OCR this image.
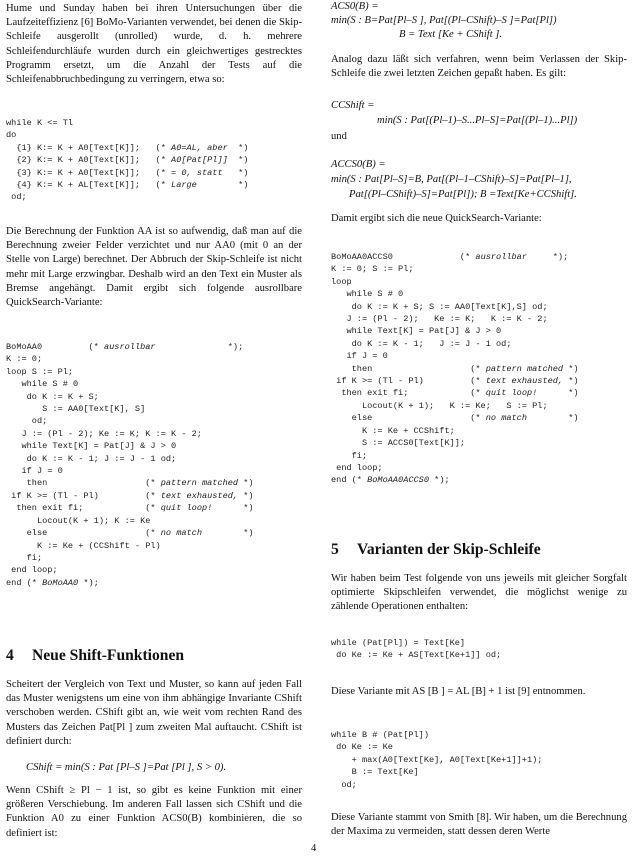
Hume und Sunday haben bei ihren Untersuchungen über die Laufzeiteffizienz [6] BoMo-Varianten verwendet, bei denen die Skip-Schleife ausgerollt (unrolled) wurde, d. h. mehrere Schleifendurchläufe wurden durch ein gleichwertiges gestrecktes Programm ersetzt, um die Anzahl der Tests auf die Schleifenabbruchbedingung zu verringern, etwa so:

while K <= Tl
do
{1} K:= K + A0[Text[K]];   (* A0=AL, aber  *)
{2} K:= K + A0[Text[K]];   (* A0[Pat[Pl]]  *)
{3} K:= K + A0[Text[K]];   (* = 0, statt   *)
{4} K:= K + AL[Text[K]];   (* Large        *)
od;

Die Berechnung der Funktion AA ist so aufwendig, daß man auf die Berechnung zweier Felder verzichtet und nur AA0 (mit 0 an der Stelle von Large) berechnet. Der Abbruch der Skip-Schleife ist nicht mehr mit Large erzwingbar. Deshalb wird an den Text ein Muster als Bremse angehängt. Damit ergibt sich folgende ausrollbare QuickSearch-Variante:

BoMoAA0         (* ausrollbar              *);
K := 0;
loop S := Pl;
while S # 0
do K := K + S;
S := AA0[Text[K], S]
od;
J := (Pl - 2); Ke := K; K := K - 2;
while Text[K] = Pat[J] & J > 0
do K := K - 1; J := J - 1 od;
if J = 0
then                   (* pattern matched *)
if K >= (Tl - Pl)         (* text exhausted, *)
then exit fi;            (* quit loop!      *)
Locout(K + 1); K := Ke
else                   (* no match        *)
K := Ke + (CCShift - Pl)
fi;
end loop;
end (* BoMoAA0 *);
4 Neue Shift-Funktionen

Scheitert der Vergleich von Text und Muster, so kann auf jeden Fall das Muster wenigstens um eine von ihm abhängige Invariante CShift verschoben werden. CShift gibt an, wie weit vom rechten Rand des Musters das Zeichen Pat[Pl ] zum zweiten Mal auftaucht. CShift ist definiert durch:

CShift = min(S : Pat [Pl–S ]=Pat [Pl ], S > 0).

Wenn CShift ≥ Pl − 1 ist, so gibt es keine Funktion mit einer größeren Verschiebung. Im anderen Fall lassen sich CShift und die Funktion A0 zu einer Funktion ACS0(B) kombinieren, die so definiert ist:

ACS0(B) =
min(S : B=Pat[Pl–S ], Pat[(Pl–CShift)–S ]=Pat[Pl])
B = Text [Ke + CShift ].

Analog dazu läßt sich verfahren, wenn beim Verlassen der Skip-Schleife die zwei letzten Zeichen gepaßt haben. Es gilt:

CCShift =
min(S : Pat[(Pl–1)–S...Pl–S]=Pat[(Pl–1)...Pl])

und

ACCS0(B) =
min(S : Pat[Pl–S]=B, Pat[(Pl–1–CShift)–S]=Pat[Pl–1],
Pat[(Pl–CShift)–S]=Pat[Pl]); B =Text[Ke+CCShift].

Damit ergibt sich die neue QuickSearch-Variante:

BoMoAA0ACCS0             (* ausrollbar     *);
K := 0; S := Pl;
loop
while S # 0
do K := K + S; S := AA0[Text[K],S] od;
J := (Pl - 2);   Ke := K;   K := K - 2;
while Text[K] = Pat[J] & J > 0
do K := K - 1;   J := J - 1 od;
if J = 0
then                   (* pattern matched *)
if K >= (Tl - Pl)         (* text exhausted, *)
then exit fi;            (* quit loop!      *)
Locout(K + 1);   K := Ke;   S := Pl;
else                   (* no match        *)
K := Ke + CCShift;
S := ACCS0[Text[K]];
fi;
end loop;
end (* BoMoAA0ACCS0 *);
5 Varianten der Skip-Schleife

Wir haben beim Test folgende von uns jeweils mit gleicher Sorgfalt optimierte Skipschleifen verwendet, die möglichst wenige zu zählende Operationen enthalten:

while (Pat[Pl]) = Text[Ke]
do Ke := Ke + AS[Text[Ke+1]] od;

Diese Variante mit AS [B ] = AL [B] + 1 ist [9] entnommen.

while B # (Pat[Pl])
do Ke := Ke
+ max(A0[Text[Ke], A0[Text[Ke+1]]+1);
B := Text[Ke]
od;

Diese Variante stammt von Smith [8]. Wir haben, um die Berechnung der Maxima zu vermeiden, statt dessen deren Werte

4
